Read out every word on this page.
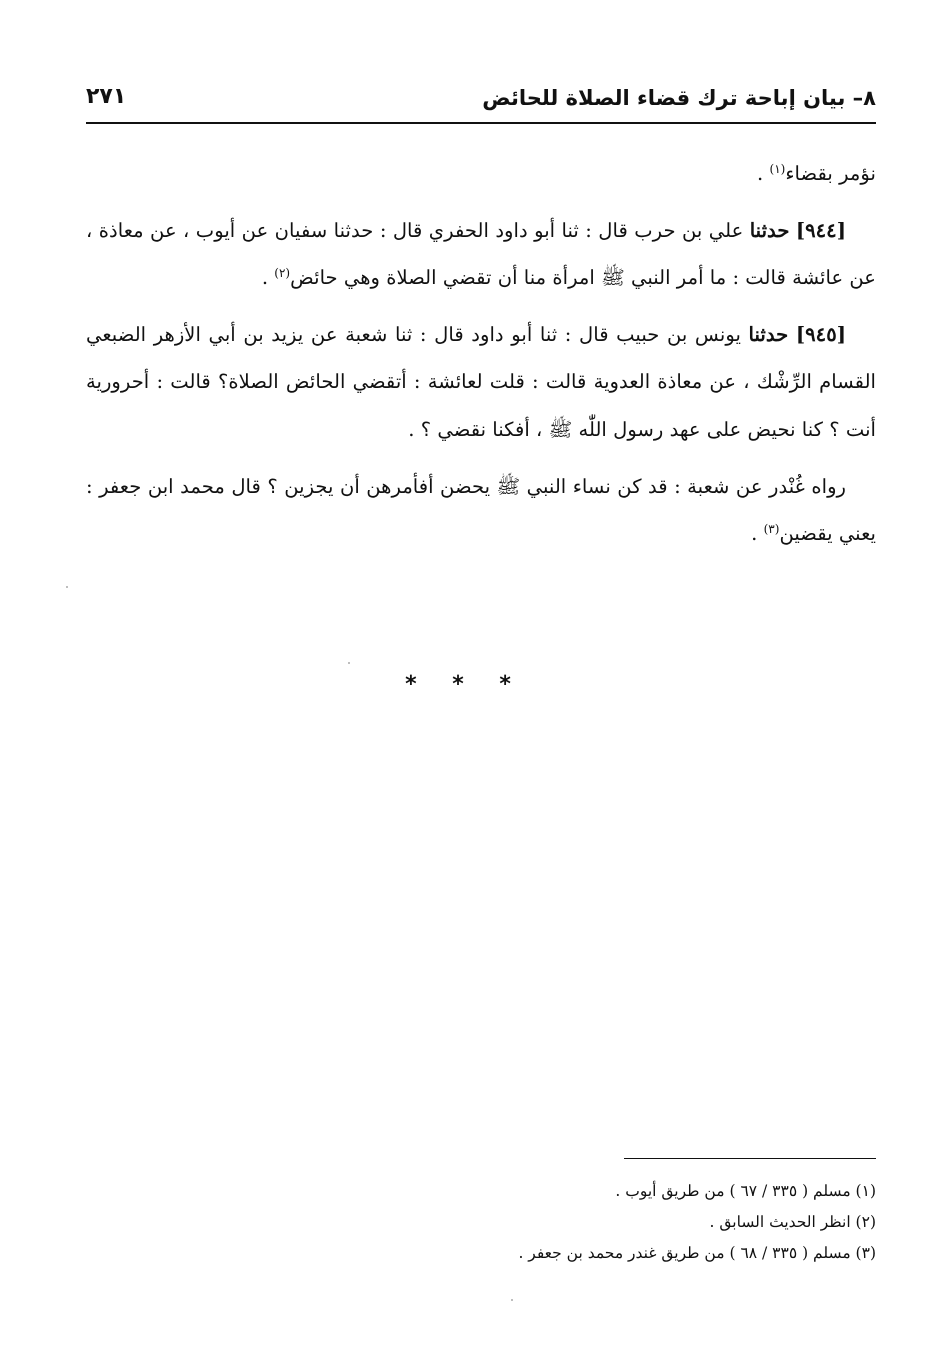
٨– بيان إباحة ترك قضاء الصلاة للحائض
٢٧١

نؤمر بقضاء$^{(١)}$ .

[٩٤٤] حدثنا علي بن حرب قال : ثنا أبو داود الحفري قال : حدثنا سفيان عن أيوب ، عن معاذة ، عن عائشة قالت : ما أمر النبي ﷺ امرأة منا أن تقضي الصلاة وهي حائض$^{(٢)}$ .

[٩٤٥] حدثنا يونس بن حبيب قال : ثنا أبو داود قال : ثنا شعبة عن يزيد بن أبي الأزهر الضبعي القسام الرِّشْك ، عن معاذة العدوية قالت : قلت لعائشة : أتقضي الحائض الصلاة؟ قالت : أحرورية أنت ؟ كنا نحيض على عهد رسول اللّٰه ﷺ ، أفكنا نقضي ؟ .

رواه غُنْدر عن شعبة : قد كن نساء النبي ﷺ يحضن أفأمرهن أن يجزين ؟ قال محمد ابن جعفر : يعني يقضين$^{(٣)}$ .

* * *
(١) مسلم ( ٣٣٥ / ٦٧ ) من طريق أيوب .
(٢) انظر الحديث السابق .
(٣) مسلم ( ٣٣٥ / ٦٨ ) من طريق غندر محمد بن جعفر .
